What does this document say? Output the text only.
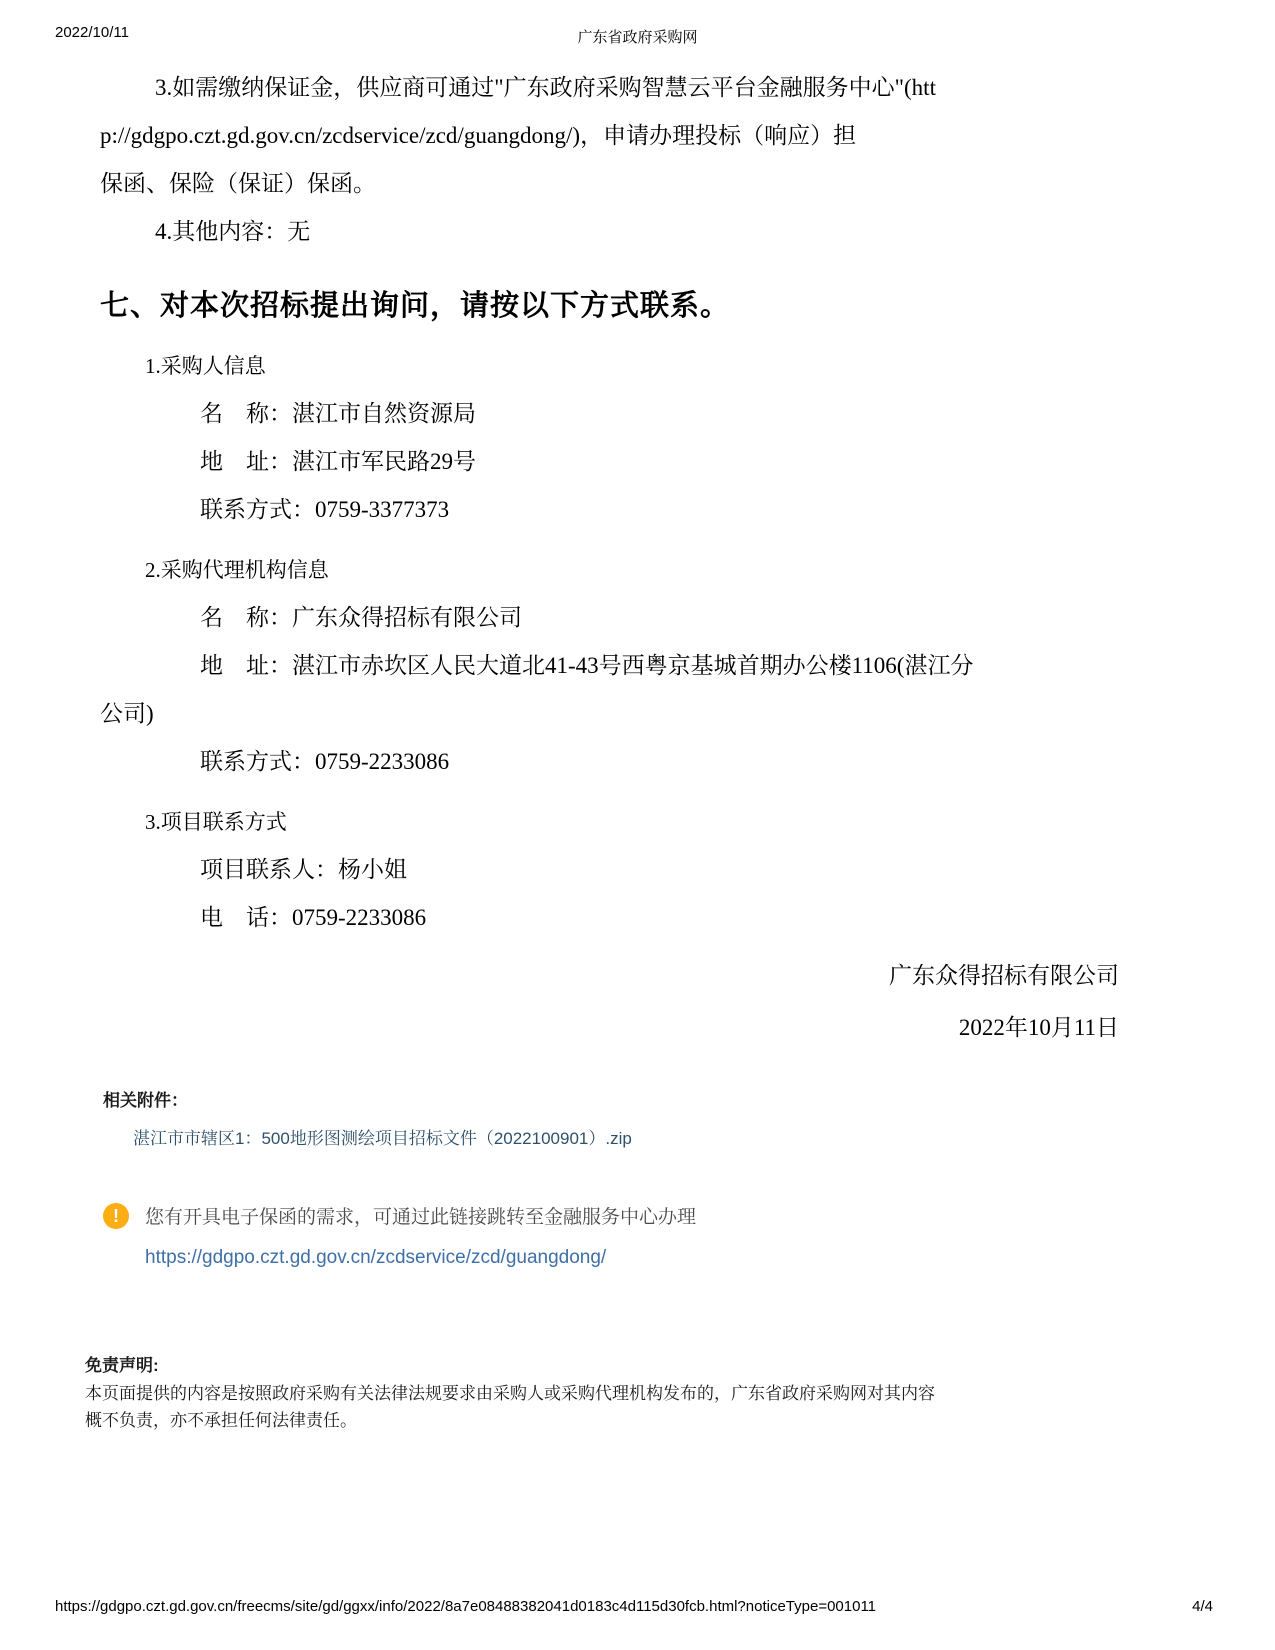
2022/10/11	广东省政府采购网
3.如需缴纳保证金，供应商可通过"广东政府采购智慧云平台金融服务中心"(htt
p://gdgpo.czt.gd.gov.cn/zcdservice/zcd/guangdong/)，申请办理投标（响应）担
保函、保险（保证）保函。
4.其他内容：无
七、对本次招标提出询问，请按以下方式联系。
1.采购人信息
名　称：湛江市自然资源局
地　址：湛江市军民路29号
联系方式：0759-3377373
2.采购代理机构信息
名　称：广东众得招标有限公司
地　址：湛江市赤坎区人民大道北41-43号西粤京基城首期办公楼1106(湛江分
公司)
联系方式：0759-2233086
3.项目联系方式
项目联系人：杨小姐
电　话：0759-2233086
广东众得招标有限公司
2022年10月11日
相关附件：
湛江市市辖区1：500地形图测绘项目招标文件（2022100901）.zip
!	您有开具电子保函的需求，可通过此链接跳转至金融服务中心办理
https://gdgpo.czt.gd.gov.cn/zcdservice/zcd/guangdong/
免责声明:
本页面提供的内容是按照政府采购有关法律法规要求由采购人或采购代理机构发布的，广东省政府采购网对其内容
概不负责，亦不承担任何法律责任。
https://gdgpo.czt.gd.gov.cn/freecms/site/gd/ggxx/info/2022/8a7e08488382041d0183c4d115d30fcb.html?noticeType=001011	4/4
